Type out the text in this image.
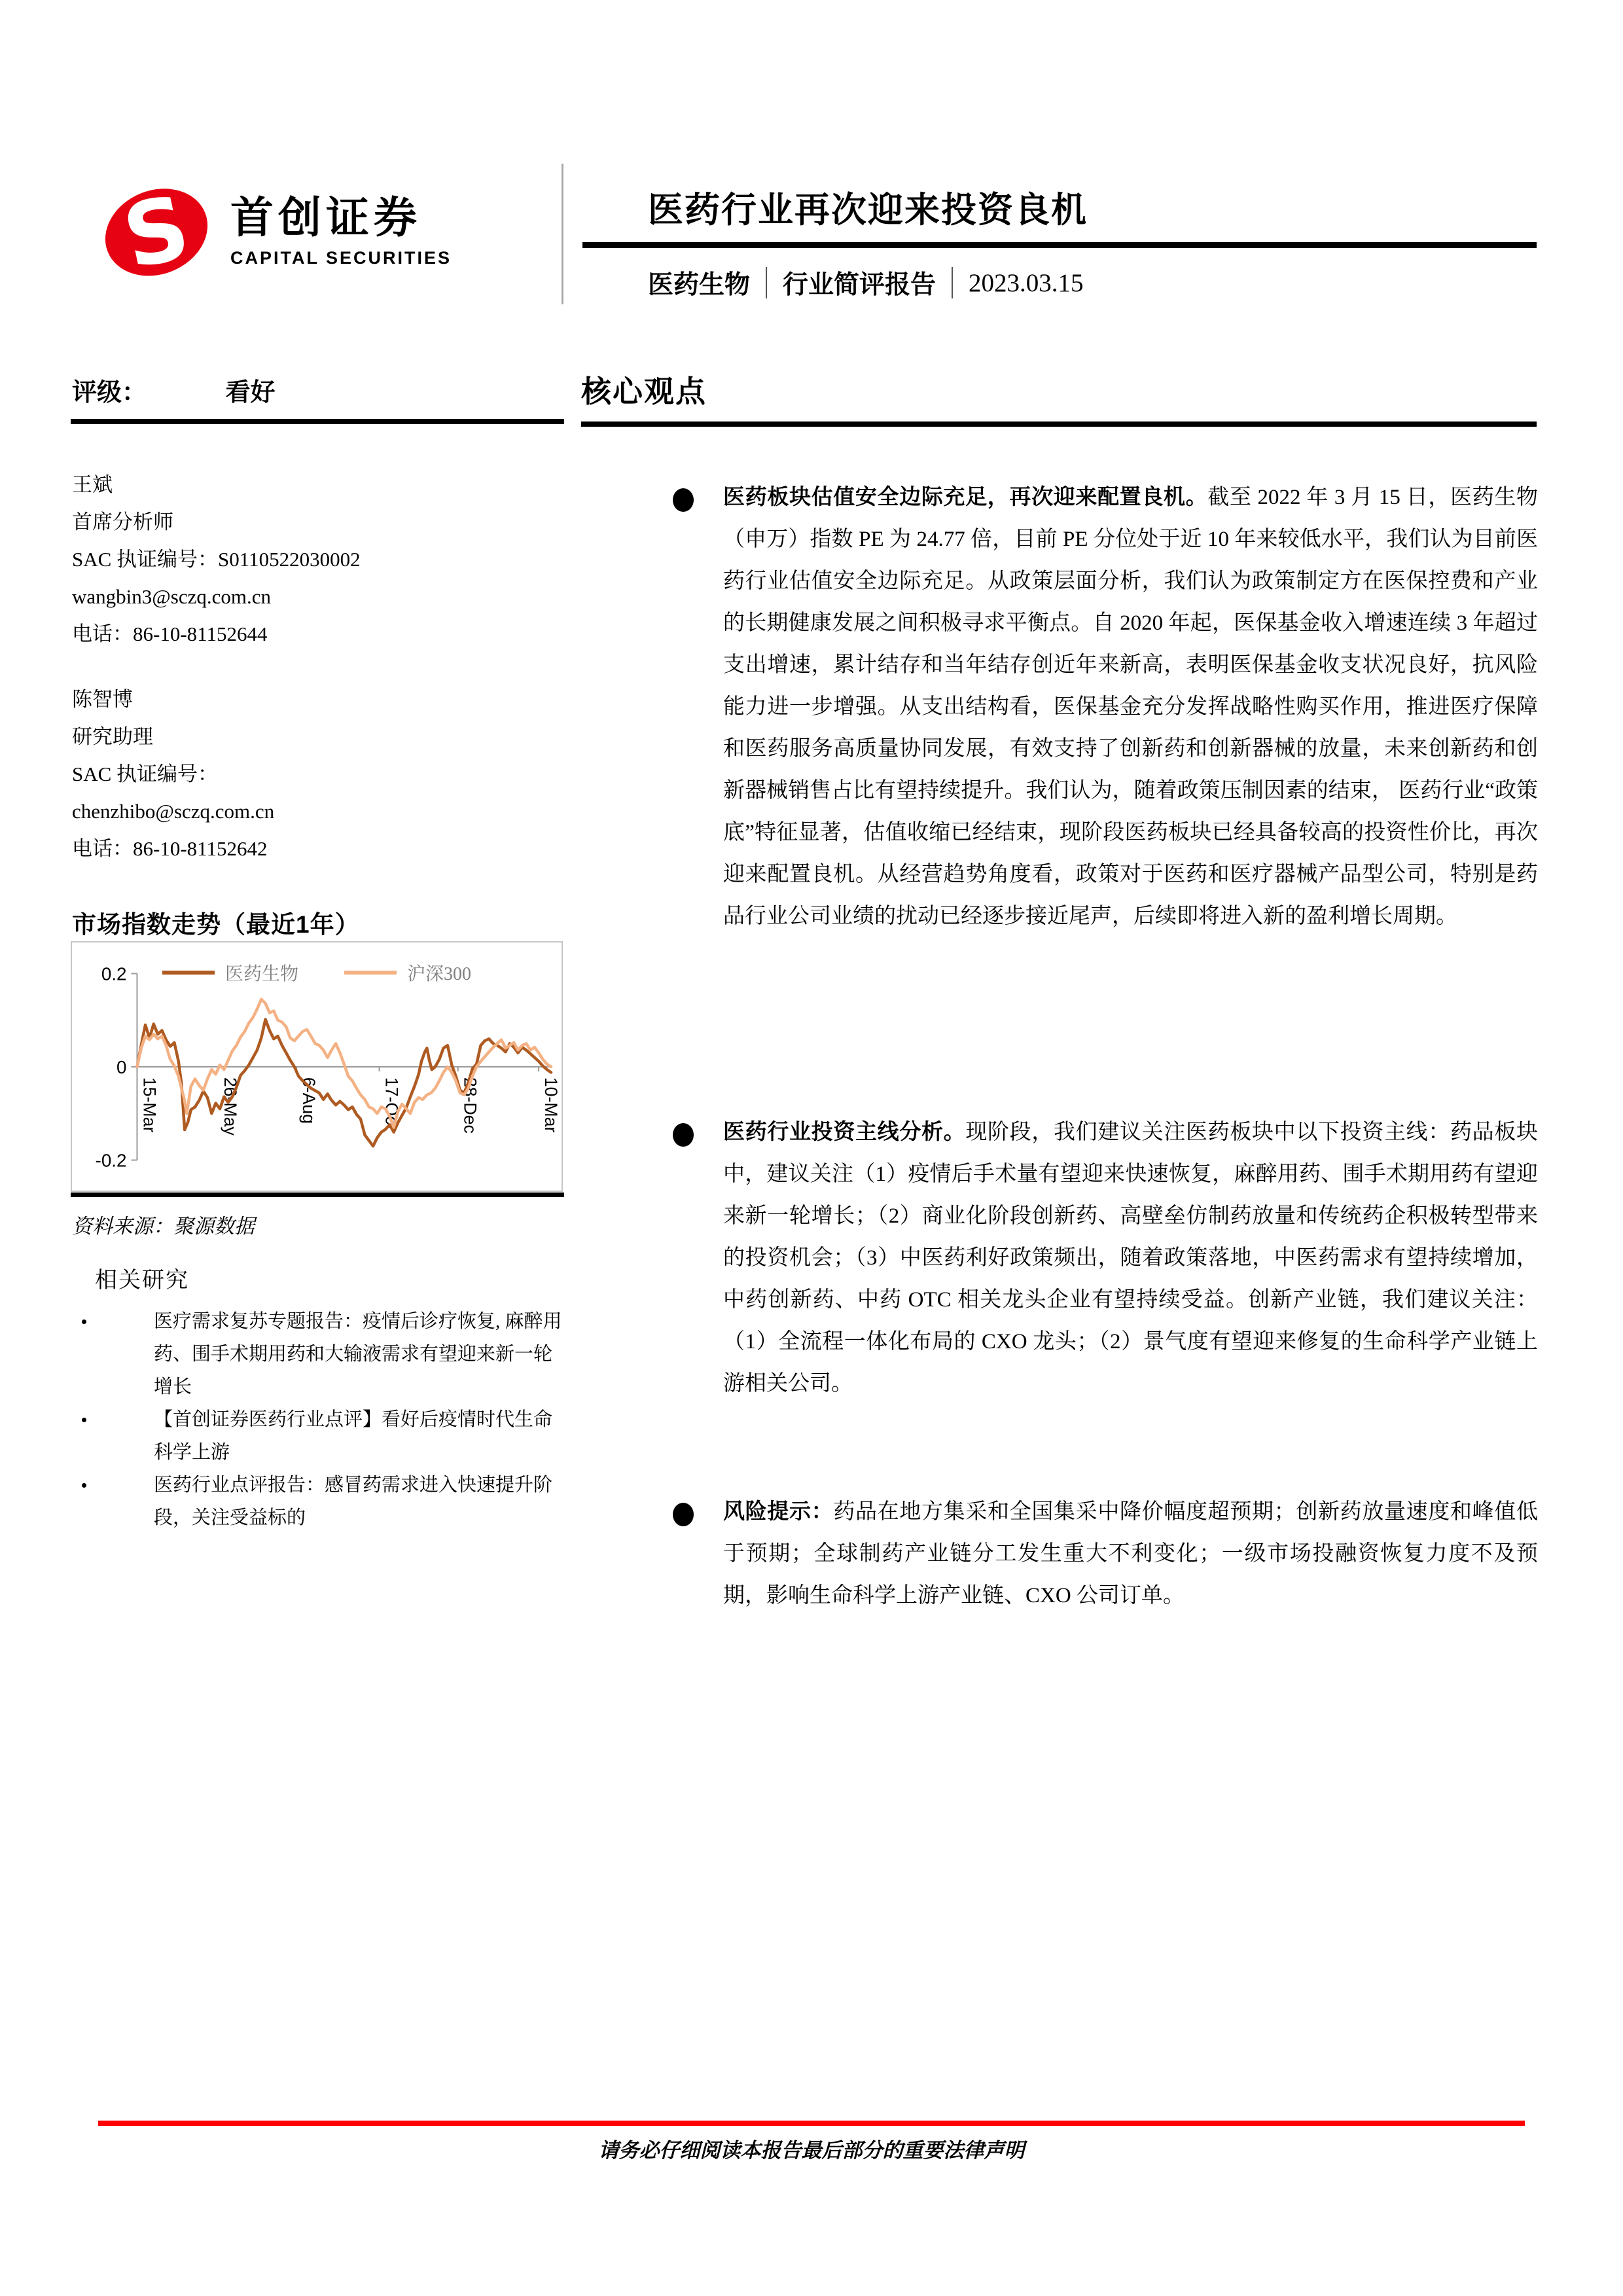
S 首创证券
CAPITAL SECURITIES
医药行业再次迎来投资良机
医药生物 行业简评报告 2023.03.15
评级：	看好
王斌
首席分析师
SAC 执证编号：S0110522030002
wangbin3@sczq.com.cn
电话：86-10-81152644
陈智博
研究助理
SAC 执证编号：
chenzhibo@sczq.com.cn
电话：86-10-81152642
市场指数走势（最近1年）
0.2
0
-0.2
15-Mar	26-May	6-Aug	17-Oct	28-Dec	10-Mar
医药生物	沪深300
资料来源：聚源数据
相关研究
医疗需求复苏专题报告：疫情后诊疗恢复, 麻醉用药、围手术期用药和大输液需求有望迎来新一轮增长
【首创证券医药行业点评】看好后疫情时代生命科学上游
医药行业点评报告：感冒药需求进入快速提升阶段，关注受益标的
核心观点

医药板块估值安全边际充足，再次迎来配置良机。截至 2022 年 3 月 15 日，医药生物（申万）指数 PE 为 24.77 倍，目前 PE 分位处于近 10 年来较低水平，我们认为目前医药行业估值安全边际充足。从政策层面分析，我们认为政策制定方在医保控费和产业的长期健康发展之间积极寻求平衡点。自 2020 年起，医保基金收入增速连续 3 年超过支出增速，累计结存和当年结存创近年来新高，表明医保基金收支状况良好，抗风险能力进一步增强。从支出结构看，医保基金充分发挥战略性购买作用，推进医疗保障和医药服务高质量协同发展，有效支持了创新药和创新器械的放量，未来创新药和创新器械销售占比有望持续提升。我们认为，随着政策压制因素的结束， 医药行业“政策底”特征显著，估值收缩已经结束，现阶段医药板块已经具备较高的投资性价比，再次迎来配置良机。从经营趋势角度看，政策对于医药和医疗器械产品型公司，特别是药品行业公司业绩的扰动已经逐步接近尾声，后续即将进入新的盈利增长周期。

医药行业投资主线分析。现阶段，我们建议关注医药板块中以下投资主线：药品板块中，建议关注（1）疫情后手术量有望迎来快速恢复，麻醉用药、围手术期用药有望迎来新一轮增长；（2）商业化阶段创新药、高壁垒仿制药放量和传统药企积极转型带来的投资机会；（3）中医药利好政策频出，随着政策落地，中医药需求有望持续增加，中药创新药、中药 OTC 相关龙头企业有望持续受益。创新产业链，我们建议关注：（1）全流程一体化布局的 CXO 龙头；（2）景气度有望迎来修复的生命科学产业链上游相关公司。

风险提示：药品在地方集采和全国集采中降价幅度超预期；创新药放量速度和峰值低于预期；全球制药产业链分工发生重大不利变化；一级市场投融资恢复力度不及预期，影响生命科学上游产业链、CXO 公司订单。

请务必仔细阅读本报告最后部分的重要法律声明
